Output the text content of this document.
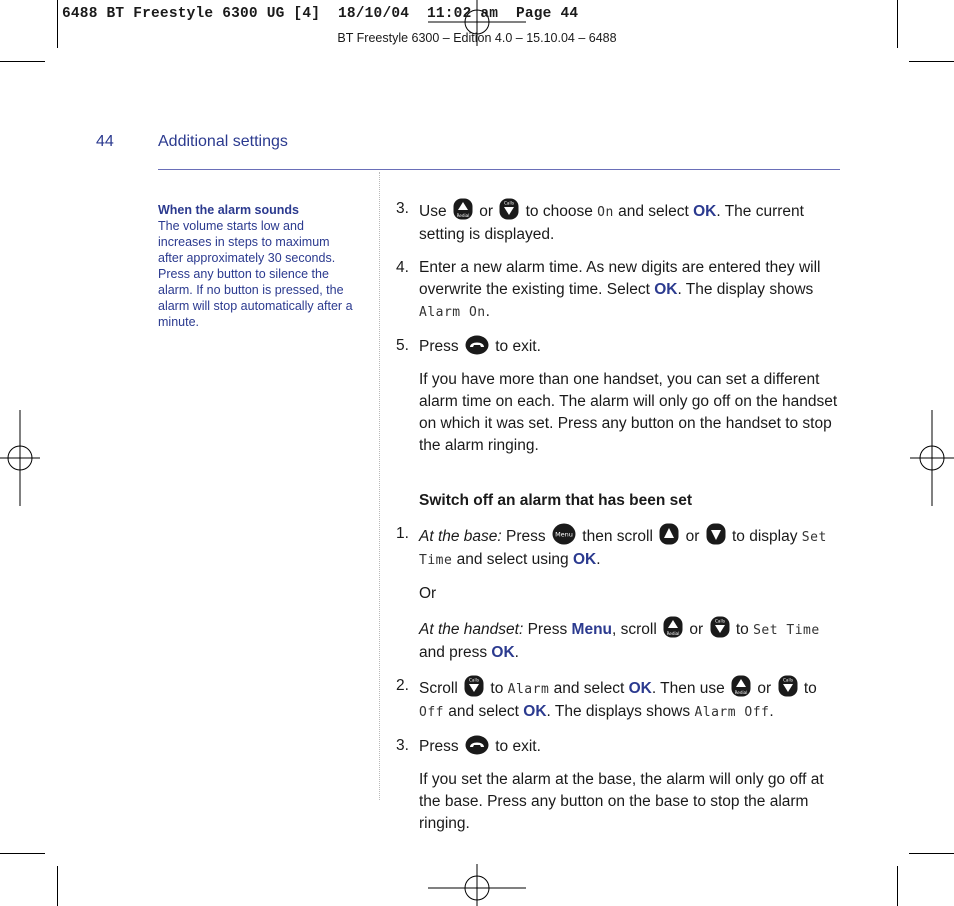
6488 BT Freestyle 6300 UG [4]  18/10/04  11:02 am  Page 44
BT Freestyle 6300 – Edition 4.0 – 15.10.04 – 6488
44	Additional settings
When the alarm sounds
The volume starts low and increases in steps to maximum after approximately 30 seconds. Press any button to silence the alarm. If no button is pressed, the alarm will stop automatically after a minute.
3. Use Redial or	Calls to choose On and select OK. The current setting is displayed.
4. Enter a new alarm time. As new digits are entered they will overwrite the existing time. Select OK. The display shows Alarm On.
5. Press to exit.
If you have more than one handset, you can set a different alarm time on each. The alarm will only go off on the handset on which it was set. Press any button on the handset to stop the alarm ringing.
Switch off an alarm that has been set
1. At the base: Press Menu then scroll or to display Set Time and select using OK.
Or
At the handset: Press Menu, scroll Redial or	Calls to Set Time and press OK.
2. Scroll	Calls to Alarm and select OK. Then use Redial or	Calls to Off and select OK. The displays shows Alarm Off.
3. Press to exit.
If you set the alarm at the base, the alarm will only go off at the base. Press any button on the base to stop the alarm ringing.
